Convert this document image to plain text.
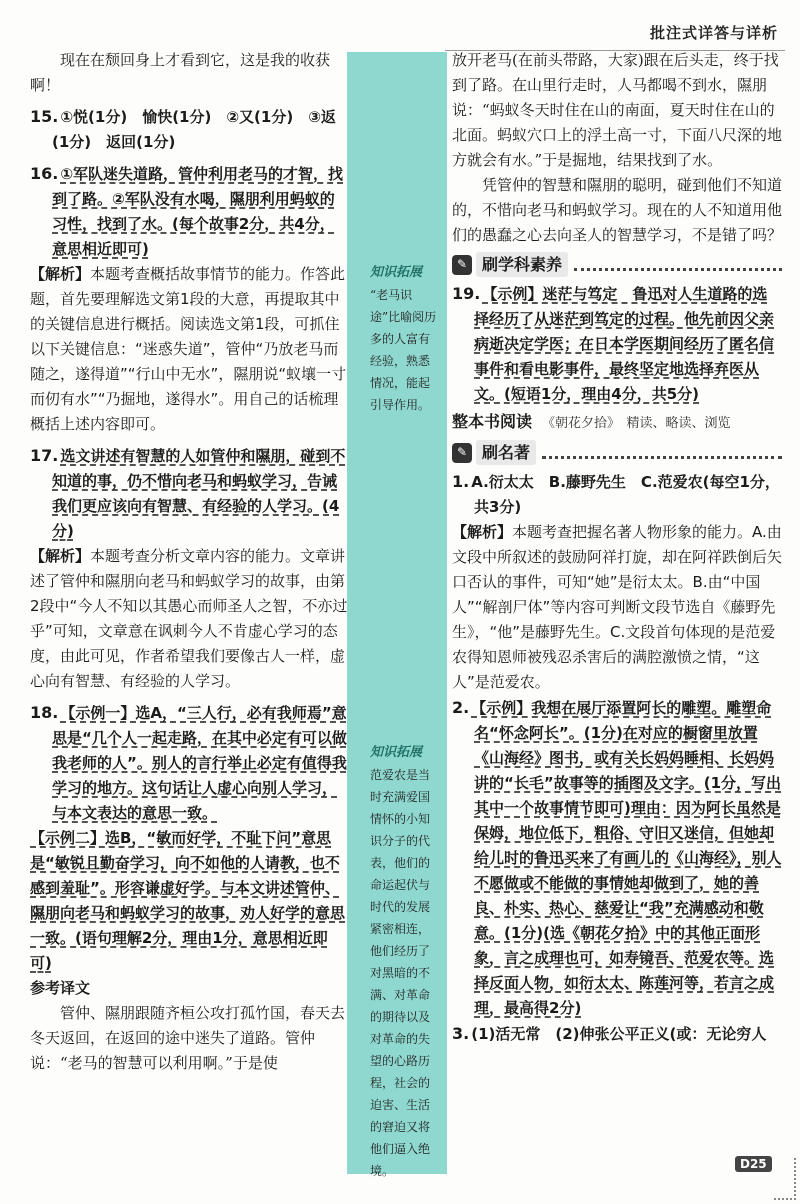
批注式详答与详析
知识拓展
“老马识途”比喻阅历多的人富有经验，熟悉情况，能起引导作用。
知识拓展
范爱农是当时充满爱国情怀的小知识分子的代表，他们的命运起伏与时代的发展紧密相连，他们经历了对黑暗的不满、对革命的期待以及对革命的失望的心路历程，社会的迫害、生活的窘迫又将他们逼入绝境。

现在在颓回身上才看到它，这是我的收获啊！

15. ①悦(1分)　愉快(1分)　②又(1分)　③返(1分)　返回(1分)

16. ①军队迷失道路，管仲利用老马的才智，找到了路。②军队没有水喝，隰朋利用蚂蚁的习性，找到了水。(每个故事2分，共4分，意思相近即可)

【解析】本题考查概括故事情节的能力。作答此题，首先要理解选文第1段的大意，再提取其中的关键信息进行概括。阅读选文第1段，可抓住以下关键信息：“迷惑失道”，管仲“乃放老马而随之，遂得道”“行山中无水”，隰朋说“蚁壤一寸而仞有水”“乃掘地，遂得水”。用自己的话梳理概括上述内容即可。

17. 选文讲述有智慧的人如管仲和隰朋，碰到不知道的事，仍不惜向老马和蚂蚁学习，告诫我们更应该向有智慧、有经验的人学习。(4分)

【解析】本题考查分析文章内容的能力。文章讲述了管仲和隰朋向老马和蚂蚁学习的故事，由第2段中“今人不知以其愚心而师圣人之智，不亦过乎”可知，文章意在讽刺今人不肯虚心学习的态度，由此可见，作者希望我们要像古人一样，虚心向有智慧、有经验的人学习。

18. 【示例一】选A，“三人行，必有我师焉”意思是“几个人一起走路，在其中必定有可以做我老师的人”。别人的言行举止必定有值得我学习的地方。这句话让人虚心向别人学习，与本文表达的意思一致。

【示例二】选B，“敏而好学，不耻下问”意思是“敏锐且勤奋学习，向不如他的人请教，也不感到羞耻”。形容谦虚好学。与本文讲述管仲、隰朋向老马和蚂蚁学习的故事，劝人好学的意思一致。(语句理解2分，理由1分，意思相近即可)

参考译文

管仲、隰朋跟随齐桓公攻打孤竹国，春天去冬天返回，在返回的途中迷失了道路。管仲说：“老马的智慧可以利用啊。”于是使

放开老马(在前头带路，大家)跟在后头走，终于找到了路。在山里行走时，人马都喝不到水，隰朋说：“蚂蚁冬天时住在山的南面，夏天时住在山的北面。蚂蚁穴口上的浮土高一寸，下面八尺深的地方就会有水。”于是掘地，结果找到了水。

凭管仲的智慧和隰朋的聪明，碰到他们不知道的，不惜向老马和蚂蚁学习。现在的人不知道用他们的愚蠢之心去向圣人的智慧学习，不是错了吗？

✎ 刷学科素养

19. 【示例】迷茫与笃定　鲁迅对人生道路的选择经历了从迷茫到笃定的过程。他先前因父亲病逝决定学医；在日本学医期间经历了匿名信事件和看电影事件，最终坚定地选择弃医从文。(短语1分，理由4分，共5分)

整本书阅读 《朝花夕拾》　精读、略读、浏览
✎ 刷名著

1. A.衍太太　B.藤野先生　C.范爱农(每空1分，共3分)

【解析】本题考查把握名著人物形象的能力。A.由文段中所叙述的鼓励阿祥打旋，却在阿祥跌倒后矢口否认的事件，可知“她”是衍太太。B.由“中国人”“解剖尸体”等内容可判断文段节选自《藤野先生》，“他”是藤野先生。C.文段首句体现的是范爱农得知恩师被残忍杀害后的满腔激愤之情，“这人”是范爱农。

2. 【示例】我想在展厅添置阿长的雕塑。雕塑命名“怀念阿长”。(1分)在对应的橱窗里放置《山海经》图书，或有关长妈妈睡相、长妈妈讲的“长毛”故事等的插图及文字。(1分，写出其中一个故事情节即可)理由：因为阿长虽然是保姆，地位低下，粗俗、守旧又迷信，但她却给儿时的鲁迅买来了有画儿的《山海经》，别人不愿做或不能做的事情她却做到了，她的善良、朴实、热心、慈爱让“我”充满感动和敬意。(1分)(选《朝花夕拾》中的其他正面形象，言之成理也可，如寿镜吾、范爱农等。选择反面人物，如衍太太、陈莲河等，若言之成理，最高得2分)

3. (1)活无常　(2)伸张公平正义(或：无论穷人

D25
